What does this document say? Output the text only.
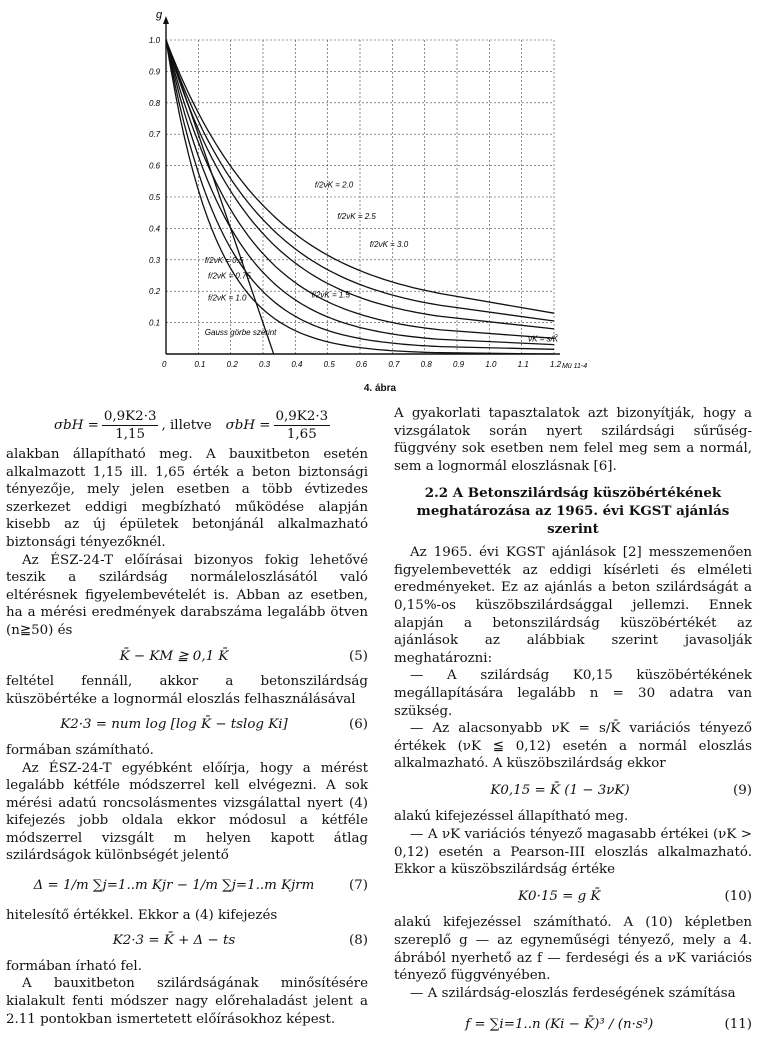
g
1.0
0.9
0.8
0.7
0.6
0.5
0.4
0.3
0.2
0.1
0	0.1	0.2	0.3	0.4	0.5	0.6	0.7	0.8	0.9	1.0	1.1	1.2
νK = s/K̄
Mü 11-4
f/2νK = 2.0
f/2νK = 2.5
f/2νK = 3.0
f/2νK = 0.5
f/2νK = 0.75
f/2νK = 1.0	f/2νK = 1.5
Gauss görbe szerint
4. ábra
$\sigma bH = \frac{0,9K2\cdot 3}{1,15}$ , illetve $\sigma bH = \frac{0,9K2\cdot 3}{1,65}$

alakban állapítható meg. A bauxitbeton esetén alkalmazott 1,15 ill. 1,65 érték a beton biztonsági tényezője, mely jelen esetben a több évtizedes szerkezet eddigi megbízható működése alapján kisebb az új épületek betonjánál alkalmazható biztonsági tényezőknél.

Az ÉSZ-24-T előírásai bizonyos fokig lehetővé teszik a szilárdság normáleloszlásától való eltérésnek figyelembevételét is. Abban az esetben, ha a mérési eredmények darabszáma legalább ötven (n≧50) és

K̄ − KM ≧ 0,1 K̄	(5)

feltétel fennáll, akkor a betonszilárdság küszöbértéke a lognormál eloszlás felhasználásával

K2·3 = num log [log K̄ − tslog Ki]	(6)

formában számítható.

Az ÉSZ-24-T egyébként előírja, hogy a mérést legalább kétféle módszerrel kell elvégezni. A sok mérési adatú roncsolásmentes vizsgálattal nyert (4) kifejezés jobb oldala ekkor módosul a kétféle módszerrel vizsgált m helyen kapott átlag szilárdságok különbségét jelentő

Δ = 1/m ∑j=1..m Kjr − 1/m ∑j=1..m Kjrm	(7)

hitelesítő értékkel. Ekkor a (4) kifejezés

K2·3 = K̄ + Δ − ts	(8)

formában írható fel.

A bauxitbeton szilárdságának minősítésére kialakult fenti módszer nagy előrehaladást jelent a 2.11 pontokban ismertetett előírásokhoz képest.

A gyakorlati tapasztalatok azt bizonyítják, hogy a vizsgálatok során nyert szilárdsági sűrűség-függvény sok esetben nem felel meg sem a normál, sem a lognormál eloszlásnak [6].

2.2 A Betonszilárdság küszöbértékének meghatározása az 1965. évi KGST ajánlás szerint

Az 1965. évi KGST ajánlások [2] messzemenően figyelembevették az eddigi kísérleti és elméleti eredményeket. Ez az ajánlás a beton szilárdságát a 0,15%-os küszöbszilárdsággal jellemzi. Ennek alapján a betonszilárdság küszöbértékét az ajánlások az alábbiak szerint javasolják meghatározni:

— A szilárdság K0,15 küszöbértékének megállapítására legalább n = 30 adatra van szükség.

— Az alacsonyabb νK = s/K̄ variációs tényező értékek (νK ≦ 0,12) esetén a normál eloszlás alkalmazható. A küszöbszilárdság ekkor

K0,15 = K̄ (1 − 3νK)	(9)

alakú kifejezéssel állapítható meg.

— A νK variációs tényező magasabb értékei (νK > 0,12) esetén a Pearson-III eloszlás alkalmazható. Ekkor a küszöbszilárdság értéke

K0·15 = g K̄	(10)

alakú kifejezéssel számítható. A (10) képletben szereplő g — az egyneműségi tényező, mely a 4. ábrából nyerhető az f — ferdeségi és a νK variációs tényező függvényében.

— A szilárdság-eloszlás ferdeségének számítása

f = ∑i=1..n (Ki − K̄)³ / (n·s³)	(11)
